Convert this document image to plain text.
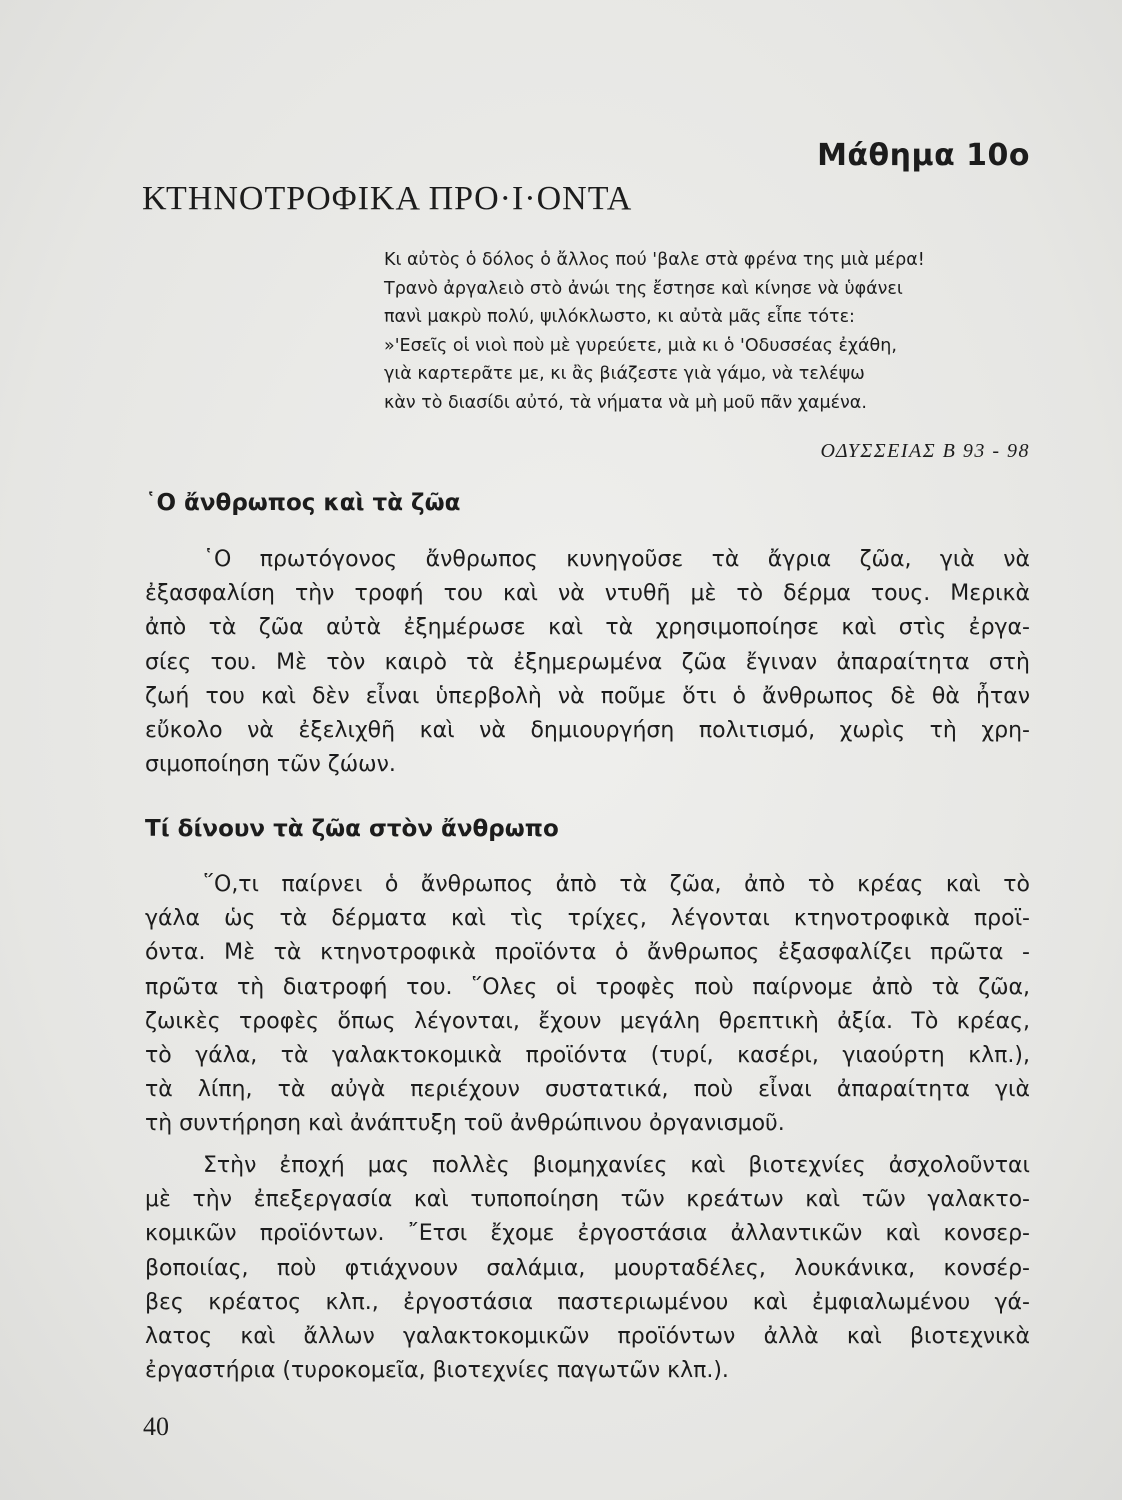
Μάθημα 10ο
ΚΤΗΝΟΤΡΟΦΙΚΑ ΠΡΟ·Ι·ΟΝΤΑ
Κι αὐτὸς ὁ δόλος ὁ ἄλλος πού 'βαλε στὰ φρένα της μιὰ μέρα!
Τρανὸ ἀργαλειὸ στὸ ἀνώι της ἔστησε καὶ κίνησε νὰ ὑφάνει
πανὶ μακρὺ πολύ, ψιλόκλωστο, κι αὐτὰ μᾶς εἶπε τότε:
»'Εσεῖς οἱ νιοὶ ποὺ μὲ γυρεύετε, μιὰ κι ὁ 'Οδυσσέας ἐχάθη,
γιὰ καρτερᾶτε με, κι ἂς βιάζεστε γιὰ γάμο, νὰ τελέψω
κὰν τὸ διασίδι αὐτό, τὰ νήματα νὰ μὴ μοῦ πᾶν χαμένα.

ΟΔΥΣΣΕΙΑΣ Β 93 - 98

῾Ο ἄνθρωπος καὶ τὰ ζῶα
῾Ο πρωτόγονος ἄνθρωπος κυνηγοῦσε τὰ ἄγρια ζῶα, γιὰ νὰ
ἐξασφαλίση τὴν τροφή του καὶ νὰ ντυθῆ μὲ τὸ δέρμα τους. Μερικὰ
ἀπὸ τὰ ζῶα αὐτὰ ἐξημέρωσε καὶ τὰ χρησιμοποίησε καὶ στὶς ἐργα-
σίες του. Μὲ τὸν καιρὸ τὰ ἐξημερωμένα ζῶα ἔγιναν ἀπαραίτητα στὴ
ζωή του καὶ δὲν εἶναι ὑπερβολὴ νὰ ποῦμε ὅτι ὁ ἄνθρωπος δὲ θὰ ἦταν
εὔκολο νὰ ἐξελιχθῆ καὶ νὰ δημιουργήση πολιτισμό, χωρὶς τὴ χρη-
σιμοποίηση τῶν ζώων.
Τί δίνουν τὰ ζῶα στὸν ἄνθρωπο
῞Ο,τι παίρνει ὁ ἄνθρωπος ἀπὸ τὰ ζῶα, ἀπὸ τὸ κρέας καὶ τὸ
γάλα ὡς τὰ δέρματα καὶ τὶς τρίχες, λέγονται κτηνοτροφικὰ προϊ-
όντα. Μὲ τὰ κτηνοτροφικὰ προϊόντα ὁ ἄνθρωπος ἐξασφαλίζει πρῶτα -
πρῶτα τὴ διατροφή του. ῞Ολες οἱ τροφὲς ποὺ παίρνομε ἀπὸ τὰ ζῶα,
ζωικὲς τροφὲς ὅπως λέγονται, ἔχουν μεγάλη θρεπτικὴ ἀξία. Τὸ κρέας,
τὸ γάλα, τὰ γαλακτοκομικὰ προϊόντα (τυρί, κασέρι, γιαούρτη κλπ.),
τὰ λίπη, τὰ αὐγὰ περιέχουν συστατικά, ποὺ εἶναι ἀπαραίτητα γιὰ
τὴ συντήρηση καὶ ἀνάπτυξη τοῦ ἀνθρώπινου ὀργανισμοῦ.
Στὴν ἐποχή μας πολλὲς βιομηχανίες καὶ βιοτεχνίες ἀσχολοῦνται
μὲ τὴν ἐπεξεργασία καὶ τυποποίηση τῶν κρεάτων καὶ τῶν γαλακτο-
κομικῶν προϊόντων. ῎Ετσι ἔχομε ἐργοστάσια ἀλλαντικῶν καὶ κονσερ-
βοποιίας, ποὺ φτιάχνουν σαλάμια, μουρταδέλες, λουκάνικα, κονσέρ-
βες κρέατος κλπ., ἐργοστάσια παστεριωμένου καὶ ἐμφιαλωμένου γά-
λατος καὶ ἄλλων γαλακτοκομικῶν προϊόντων ἀλλὰ καὶ βιοτεχνικὰ
ἐργαστήρια (τυροκομεῖα, βιοτεχνίες παγωτῶν κλπ.).

40
